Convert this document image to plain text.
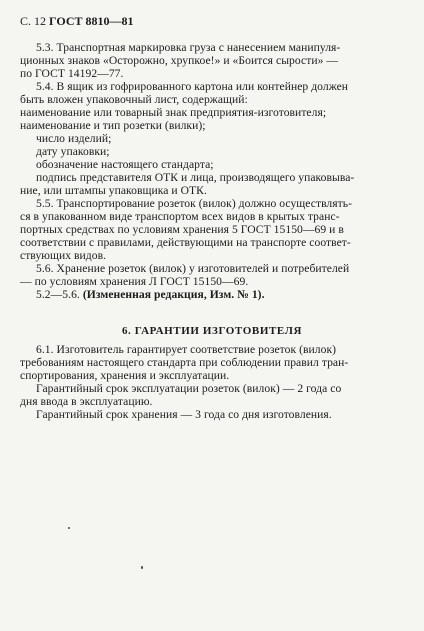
С. 12 ГОСТ 8810—81
5.3. Транспортная маркировка груза с нанесением манипуля-
ционных знаков «Осторожно, хрупкое!» и «Боится сырости» —
по ГОСТ 14192—77.
5.4. В ящик из гофрированного картона или контейнер должен
быть вложен упаковочный лист, содержащий:
наименование или товарный знак предприятия-изготовителя;
наименование и тип розетки (вилки);
число изделий;
дату упаковки;
обозначение настоящего стандарта;
подпись представителя ОТК и лица, производящего упаковыва-
ние, или штампы упаковщика и ОТК.
5.5. Транспортирование розеток (вилок) должно осуществлять-
ся в упакованном виде транспортом всех видов в крытых транс-
портных средствах по условиям хранения 5 ГОСТ 15150—69 и в
соответствии с правилами, действующими на транспорте соответ-
ствующих видов.
5.6. Хранение розеток (вилок) у изготовителей и потребителей
— по условиям хранения Л ГОСТ 15150—69.
5.2—5.6. (Измененная редакция, Изм. № 1).
6. ГАРАНТИИ ИЗГОТОВИТЕЛЯ
6.1. Изготовитель гарантирует соответствие розеток (вилок)
требованиям настоящего стандарта при соблюдении правил тран-
спортирования, хранения и эксплуатации.
Гарантийный срок эксплуатации розеток (вилок) — 2 года со
дня ввода в эксплуатацию.
Гарантийный срок хранения — 3 года со дня изготовления.
